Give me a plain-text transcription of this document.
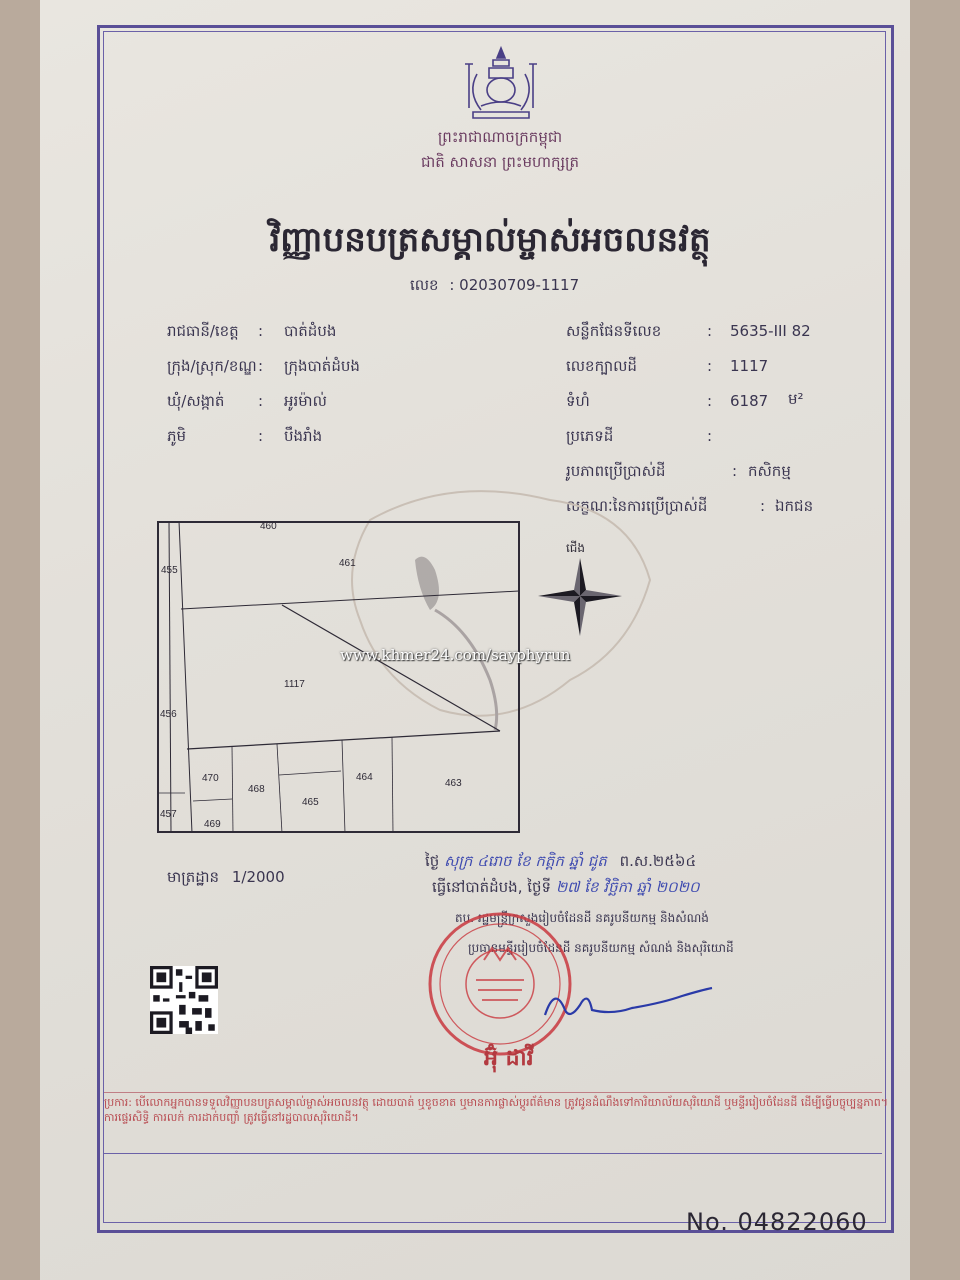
ព្រះរាជាណាចក្រកម្ពុជា
ជាតិ សាសនា ព្រះមហាក្សត្រ
វិញ្ញាបនបត្រសម្គាល់ម្ចាស់អចលនវត្ថុ
លេខ : 02030709-1117
រាជធានី/ខេត្ត : បាត់ដំបង
ក្រុង/ស្រុក/ខណ្ឌ : ក្រុងបាត់ដំបង
ឃុំ/សង្កាត់ : អូរម៉ាល់
ភូមិ	: បឹងរាំង
សន្លឹកផែនទីលេខ	: 5635-III 82
លេខក្បាលដី	: 1117
ទំហំ	: 6187 ម²
ប្រភេទដី	:
រូបភាពប្រើប្រាស់ដី	: កសិកម្ម
លក្ខណៈនៃការប្រើប្រាស់ដី	: ឯកជន
460
461
455
1117
456
470
468
465
464
463
457
469
ជើង
www.khmer24.com/sayphyrun
ថ្ងៃ សុក្រ ៤រោច ខែ កត្តិក ឆ្នាំ ជូត ព.ស.២៥៦៤
ធ្វើនៅបាត់ដំបង, ថ្ងៃទី ២៧ ខែ វិច្ឆិកា ឆ្នាំ ២០២០
មាត្រដ្ឋាន 1/2000
តប. រដ្ឋមន្ត្រីក្រសួងរៀបចំដែនដី នគរូបនីយកម្ម និងសំណង់
ប្រធានមន្ទីររៀបចំដែនដី នគរូបនីយកម្ម សំណង់ និងសុរិយោដី
អ៊ុំ ដាវី
ប្រការ: បើលោកអ្នកបានទទួលវិញ្ញាបនបត្រសម្គាល់ម្ចាស់អចលនវត្ថុ ដោយបាត់ ឬខូចខាត ឬមានការផ្លាស់ប្តូរព័ត៌មាន ត្រូវជូនដំណឹងទៅការិយាល័យសុរិយោដី ឬមន្ទីររៀបចំដែនដី ដើម្បីធ្វើបច្ចុប្បន្នភាព។ ការផ្ទេរសិទ្ធិ ការលក់ ការដាក់បញ្ចាំ ត្រូវធ្វើនៅរដ្ឋបាលសុរិយោដី។
No. 04822060
